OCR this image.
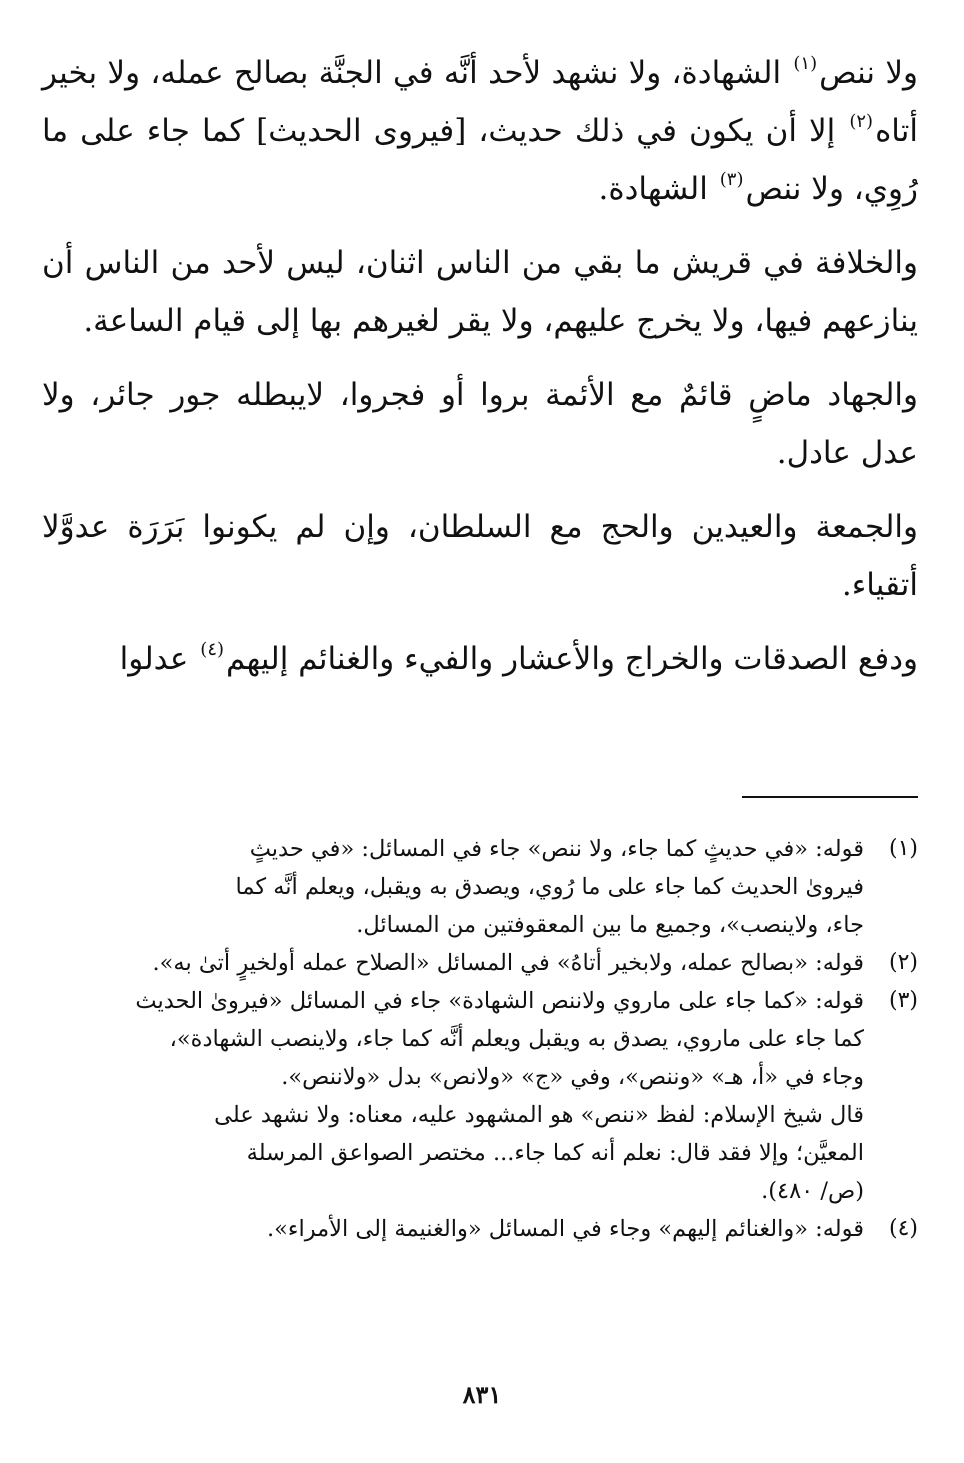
ولا ننص$^{(١)}$ الشهادة، ولا نشهد لأحد أنَّه في الجنَّة بصالح عمله، ولا بخير أتاه$^{(٢)}$ إلا أن يكون في ذلك حديث، [فيروى الحديث] كما جاء على ما رُوِي، ولا ننص$^{(٣)}$ الشهادة.

والخلافة في قريش ما بقي من الناس اثنان، ليس لأحد من الناس أن ينازعهم فيها، ولا يخرج عليهم، ولا يقر لغيرهم بها إلى قيام الساعة.

والجهاد ماضٍ قائمٌ مع الأئمة بروا أو فجروا، لايبطله جور جائر، ولا عدل عادل.

والجمعة والعيدين والحج مع السلطان، وإن لم يكونوا بَرَرَة عدوَّلا أتقياء.

ودفع الصدقات والخراج والأعشار والفيء والغنائم إليهم$^{(٤)}$ عدلوا

(١)
قوله: «في حديثٍ كما جاء، ولا ننص» جاء في المسائل: «في حديثٍ
فيروىٰ الحديث كما جاء على ما رُوي، ويصدق به ويقبل، ويعلم أنَّه كما
جاء، ولاينصب»، وجميع ما بين المعقوفتين من المسائل.
(٢)
قوله: «بصالح عمله، ولابخير أتاهُ» في المسائل «الصلاح عمله أولخيرٍ أتىٰ به».
(٣)
قوله: «كما جاء على ماروي ولاننص الشهادة» جاء في المسائل «فيروىٰ الحديث
كما جاء على ماروي، يصدق به ويقبل ويعلم أنَّه كما جاء، ولاينصب الشهادة»،
وجاء في «أ، هـ» «وننص»، وفي «ج» «ولانص» بدل «ولاننص».
قال شيخ الإسلام: لفظ «ننص» هو المشهود عليه، معناه: ولا نشهد على
المعيَّن؛ وإلا فقد قال: نعلم أنه كما جاء... مختصر الصواعق المرسلة
(ص/ ٤٨٠).
(٤)
قوله: «والغنائم إليهم» وجاء في المسائل «والغنيمة إلى الأمراء».
٨٣١
